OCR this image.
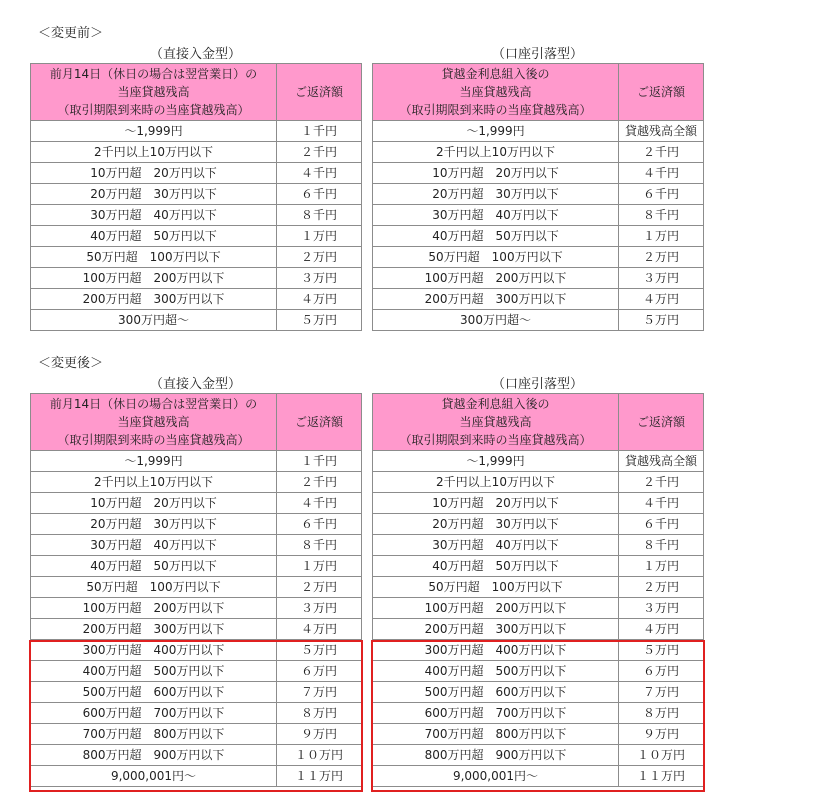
＜変更前＞
（直接入金型）	（口座引落型）
前月14日（休日の場合は翌営業日）の
当座貸越残高
（取引期限到来時の当座貸越残高）	ご返済額
～1,999円	１千円
2千円以上10万円以下	２千円
10万円超　20万円以下	４千円
20万円超　30万円以下	６千円
30万円超　40万円以下	８千円
40万円超　50万円以下	１万円
50万円超　100万円以下	２万円
100万円超　200万円以下	３万円
200万円超　300万円以下	４万円
300万円超～	５万円
貸越金利息組入後の
当座貸越残高
（取引期限到来時の当座貸越残高）	ご返済額
～1,999円	貸越残高全額
2千円以上10万円以下	２千円
10万円超　20万円以下	４千円
20万円超　30万円以下	６千円
30万円超　40万円以下	８千円
40万円超　50万円以下	１万円
50万円超　100万円以下	２万円
100万円超　200万円以下	３万円
200万円超　300万円以下	４万円
300万円超～	５万円
＜変更後＞
（直接入金型）	（口座引落型）
前月14日（休日の場合は翌営業日）の
当座貸越残高
（取引期限到来時の当座貸越残高）	ご返済額
～1,999円	１千円
2千円以上10万円以下	２千円
10万円超　20万円以下	４千円
20万円超　30万円以下	６千円
30万円超　40万円以下	８千円
40万円超　50万円以下	１万円
50万円超　100万円以下	２万円
100万円超　200万円以下	３万円
200万円超　300万円以下	４万円
300万円超　400万円以下	５万円
400万円超　500万円以下	６万円
500万円超　600万円以下	７万円
600万円超　700万円以下	８万円
700万円超　800万円以下	９万円
800万円超　900万円以下	１０万円
9,000,001円～	１１万円
貸越金利息組入後の
当座貸越残高
（取引期限到来時の当座貸越残高）	ご返済額
～1,999円	貸越残高全額
2千円以上10万円以下	２千円
10万円超　20万円以下	４千円
20万円超　30万円以下	６千円
30万円超　40万円以下	８千円
40万円超　50万円以下	１万円
50万円超　100万円以下	２万円
100万円超　200万円以下	３万円
200万円超　300万円以下	４万円
300万円超　400万円以下	５万円
400万円超　500万円以下	６万円
500万円超　600万円以下	７万円
600万円超　700万円以下	８万円
700万円超　800万円以下	９万円
800万円超　900万円以下	１０万円
9,000,001円～	１１万円
